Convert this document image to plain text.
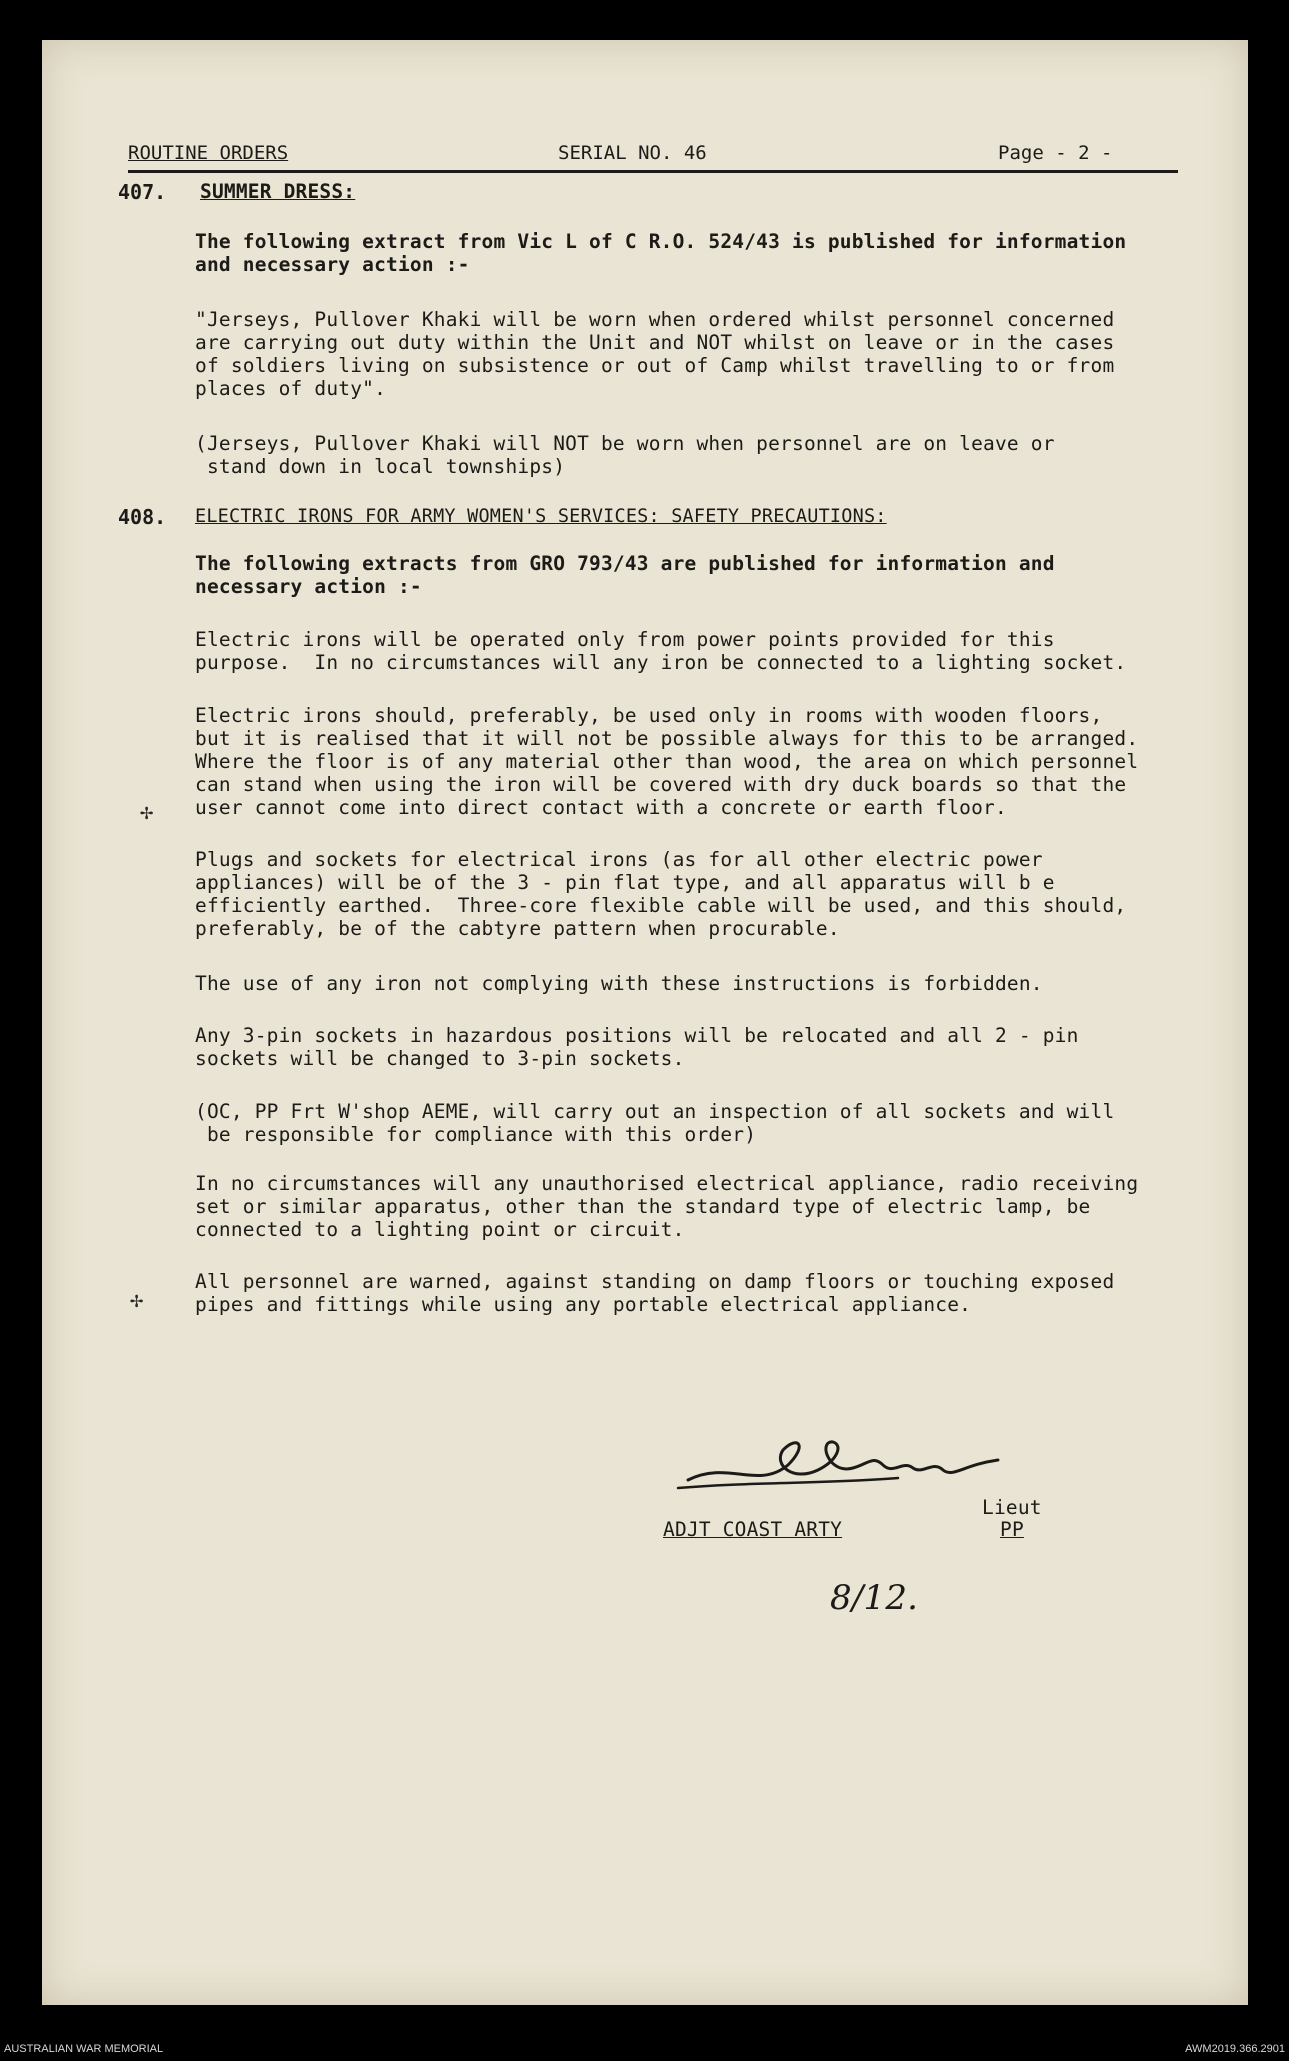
ROUTINE ORDERS	SERIAL NO. 46	Page - 2 -
407. SUMMER DRESS:
The following extract from Vic L of C R.O. 524/43 is published for information
and necessary action :-
"Jerseys, Pullover Khaki will be worn when ordered whilst personnel concerned
are carrying out duty within the Unit and NOT whilst on leave or in the cases
of soldiers living on subsistence or out of Camp whilst travelling to or from
places of duty".
(Jerseys, Pullover Khaki will NOT be worn when personnel are on leave or
stand down in local townships)
408. ELECTRIC IRONS FOR ARMY WOMEN'S SERVICES: SAFETY PRECAUTIONS:
The following extracts from GRO 793/43 are published for information and
necessary action :-
Electric irons will be operated only from power points provided for this
purpose.  In no circumstances will any iron be connected to a lighting socket.
Electric irons should, preferably, be used only in rooms with wooden floors,
but it is realised that it will not be possible always for this to be arranged.
Where the floor is of any material other than wood, the area on which personnel
can stand when using the iron will be covered with dry duck boards so that the
user cannot come into direct contact with a concrete or earth floor.
Plugs and sockets for electrical irons (as for all other electric power
appliances) will be of the 3 - pin flat type, and all apparatus will b e
efficiently earthed.  Three-core flexible cable will be used, and this should,
preferably, be of the cabtyre pattern when procurable.
The use of any iron not complying with these instructions is forbidden.
Any 3-pin sockets in hazardous positions will be relocated and all 2 - pin
sockets will be changed to 3-pin sockets.
(OC, PP Frt W'shop AEME, will carry out an inspection of all sockets and will
be responsible for compliance with this order)
In no circumstances will any unauthorised electrical appliance, radio receiving
set or similar apparatus, other than the standard type of electric lamp, be
connected to a lighting point or circuit.
All personnel are warned, against standing on damp floors or touching exposed
pipes and fittings while using any portable electrical appliance.
✢
✢
Lieut
ADJT COAST ARTY	PP
8/12.
AUSTRALIAN WAR MEMORIAL	AWM2019.366.2901
